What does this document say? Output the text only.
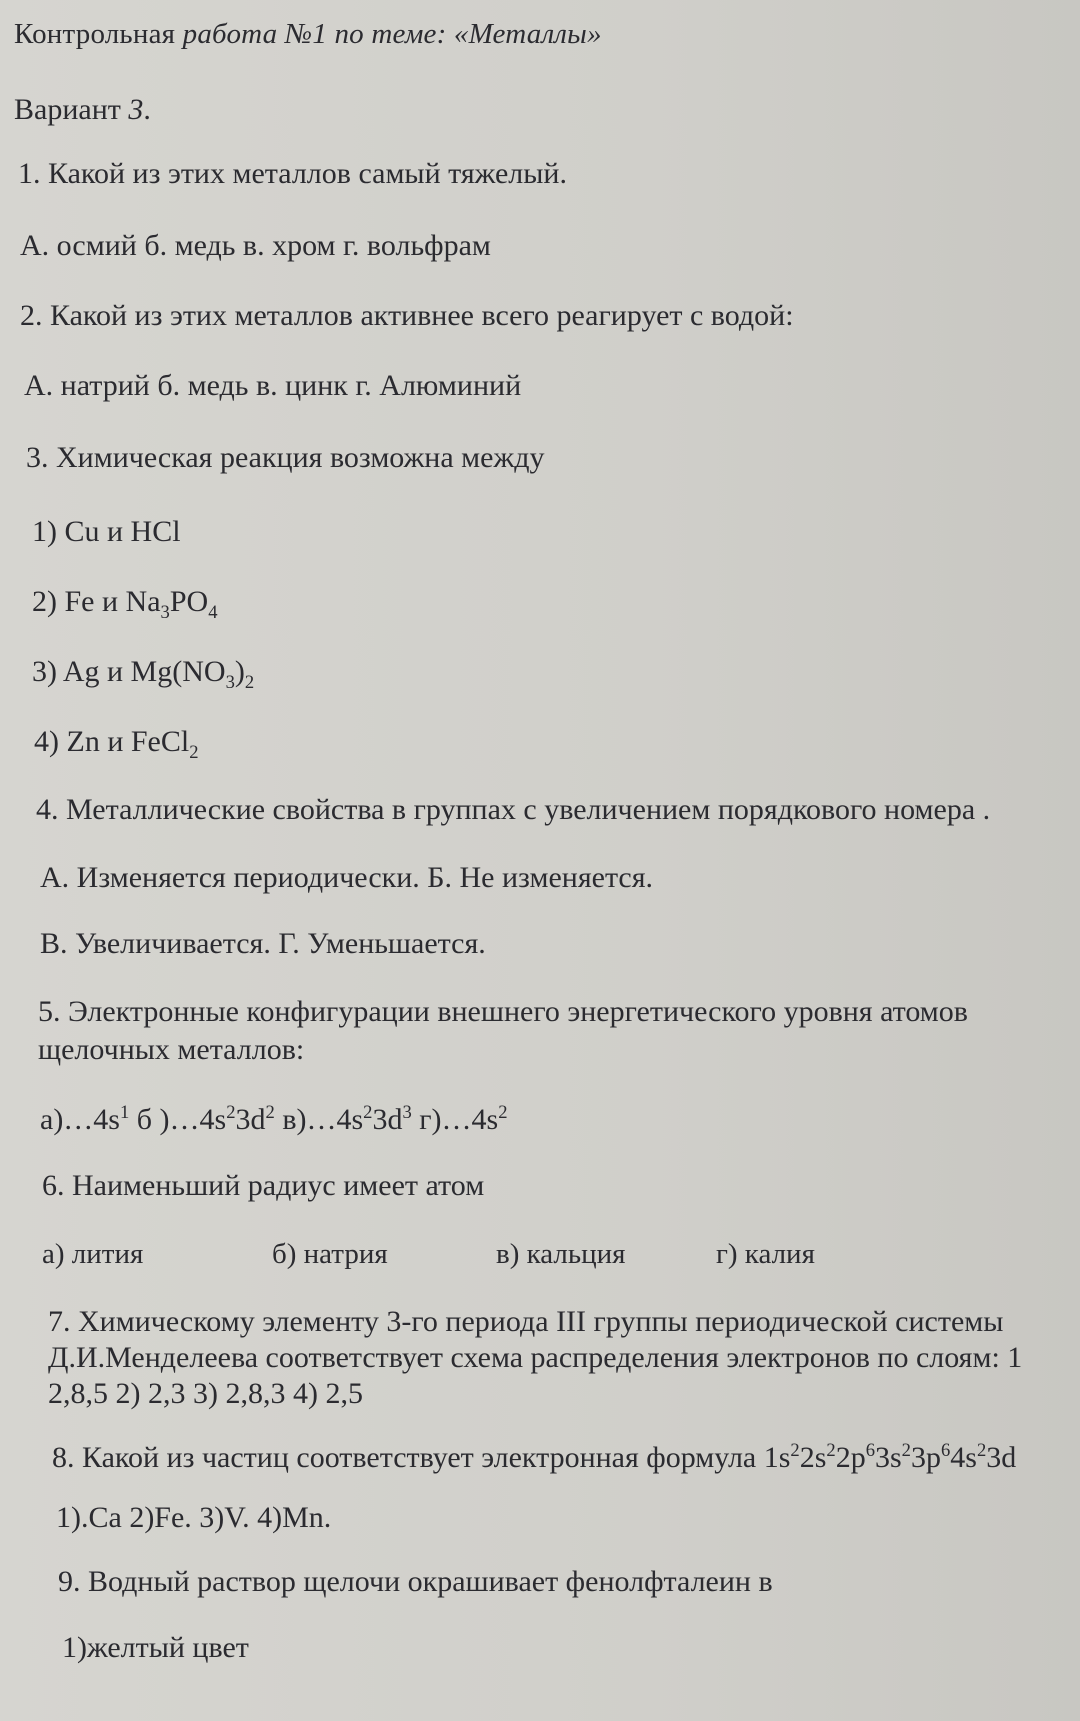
Контрольная работа №1 по теме: «Металлы»
Вариант 3.
1. Какой из этих металлов самый тяжелый.
А. осмий б. медь в. хром г. вольфрам
2. Какой из этих металлов активнее всего реагирует с водой:
А. натрий б. медь в. цинк г. Алюминий
3. Химическая реакция возможна между
1) Cu и HCl
2) Fe и $Na_3PO_4$
3) Ag и $Mg(NO_3)_2$
4) Zn и FeCl$_2$
4. Металлические свойства в группах с увеличением порядкового номера .
А. Изменяется периодически. Б. Не изменяется.
В. Увеличивается. Г. Уменьшается.
5. Электронные конфигурации внешнего энергетического уровня атомов
щелочных металлов:
$а)\dots 4s^1$ б )$\dots 4s^23d^2$ $в)\dots 4s^23d^3$ $г)\dots 4s^2$
6. Наименьший радиус имеет атом
а) лития	б) натрия	в) кальция	г) калия
7. Химическому элементу 3-го периода III группы периодической системы
Д.И.Менделеева соответствует схема распределения электронов по слоям: 1
2,8,5 2) 2,3 3) 2,8,3 4) 2,5
8. Какой из частиц соответствует электронная формула $1s^22s^22p^63s^23p^64s^23d$
1).Ca 2)Fe. 3)V. 4)Mn.
9. Водный раствор щелочи окрашивает фенолфталеин в
1)желтый цвет
